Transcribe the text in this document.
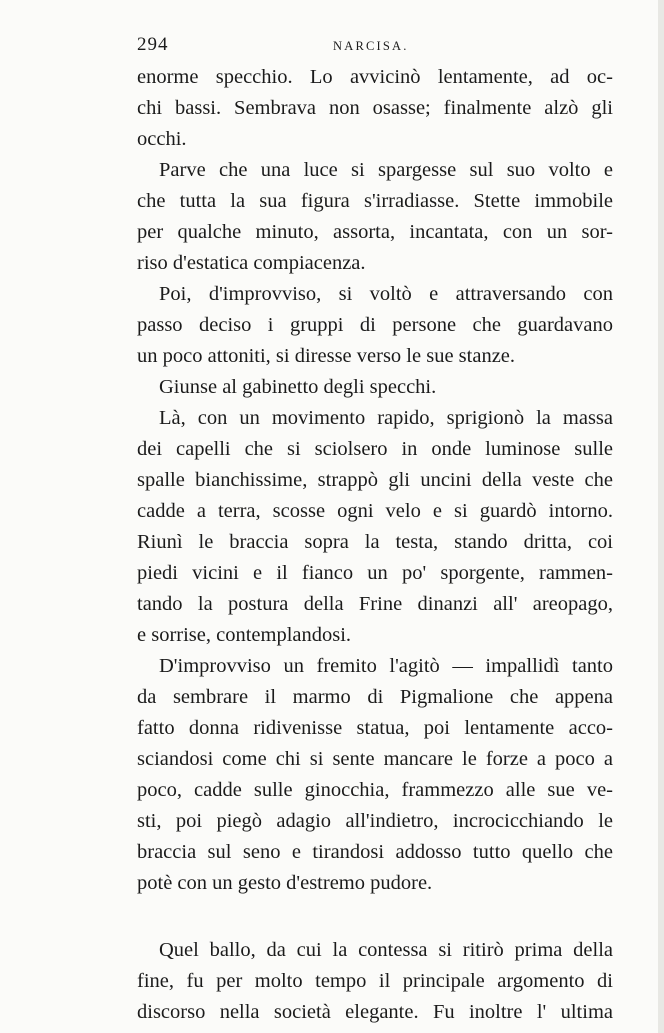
294	NARCISA.
enorme specchio. Lo avvicinò lentamente, ad oc-
chi bassi. Sembrava non osasse; finalmente alzò gli
occhi.
Parve che una luce si spargesse sul suo volto e
che tutta la sua figura s'irradiasse. Stette immobile
per qualche minuto, assorta, incantata, con un sor-
riso d'estatica compiacenza.
Poi, d'improvviso, si voltò e attraversando con
passo deciso i gruppi di persone che guardavano
un poco attoniti, si diresse verso le sue stanze.
Giunse al gabinetto degli specchi.
Là, con un movimento rapido, sprigionò la massa
dei capelli che si sciolsero in onde luminose sulle
spalle bianchissime, strappò gli uncini della veste che
cadde a terra, scosse ogni velo e si guardò intorno.
Riunì le braccia sopra la testa, stando dritta, coi
piedi vicini e il fianco un po' sporgente, rammen-
tando la postura della Frine dinanzi all' areopago,
e sorrise, contemplandosi.
D'improvviso un fremito l'agitò — impallidì tanto
da sembrare il marmo di Pigmalione che appena
fatto donna ridivenisse statua, poi lentamente acco-
sciandosi come chi si sente mancare le forze a poco a
poco, cadde sulle ginocchia, frammezzo alle sue ve-
sti, poi piegò adagio all'indietro, incrocicchiando le
braccia sul seno e tirandosi addosso tutto quello che
potè con un gesto d'estremo pudore.
Quel ballo, da cui la contessa si ritirò prima della
fine, fu per molto tempo il principale argomento di
discorso nella società elegante. Fu inoltre l' ultima
